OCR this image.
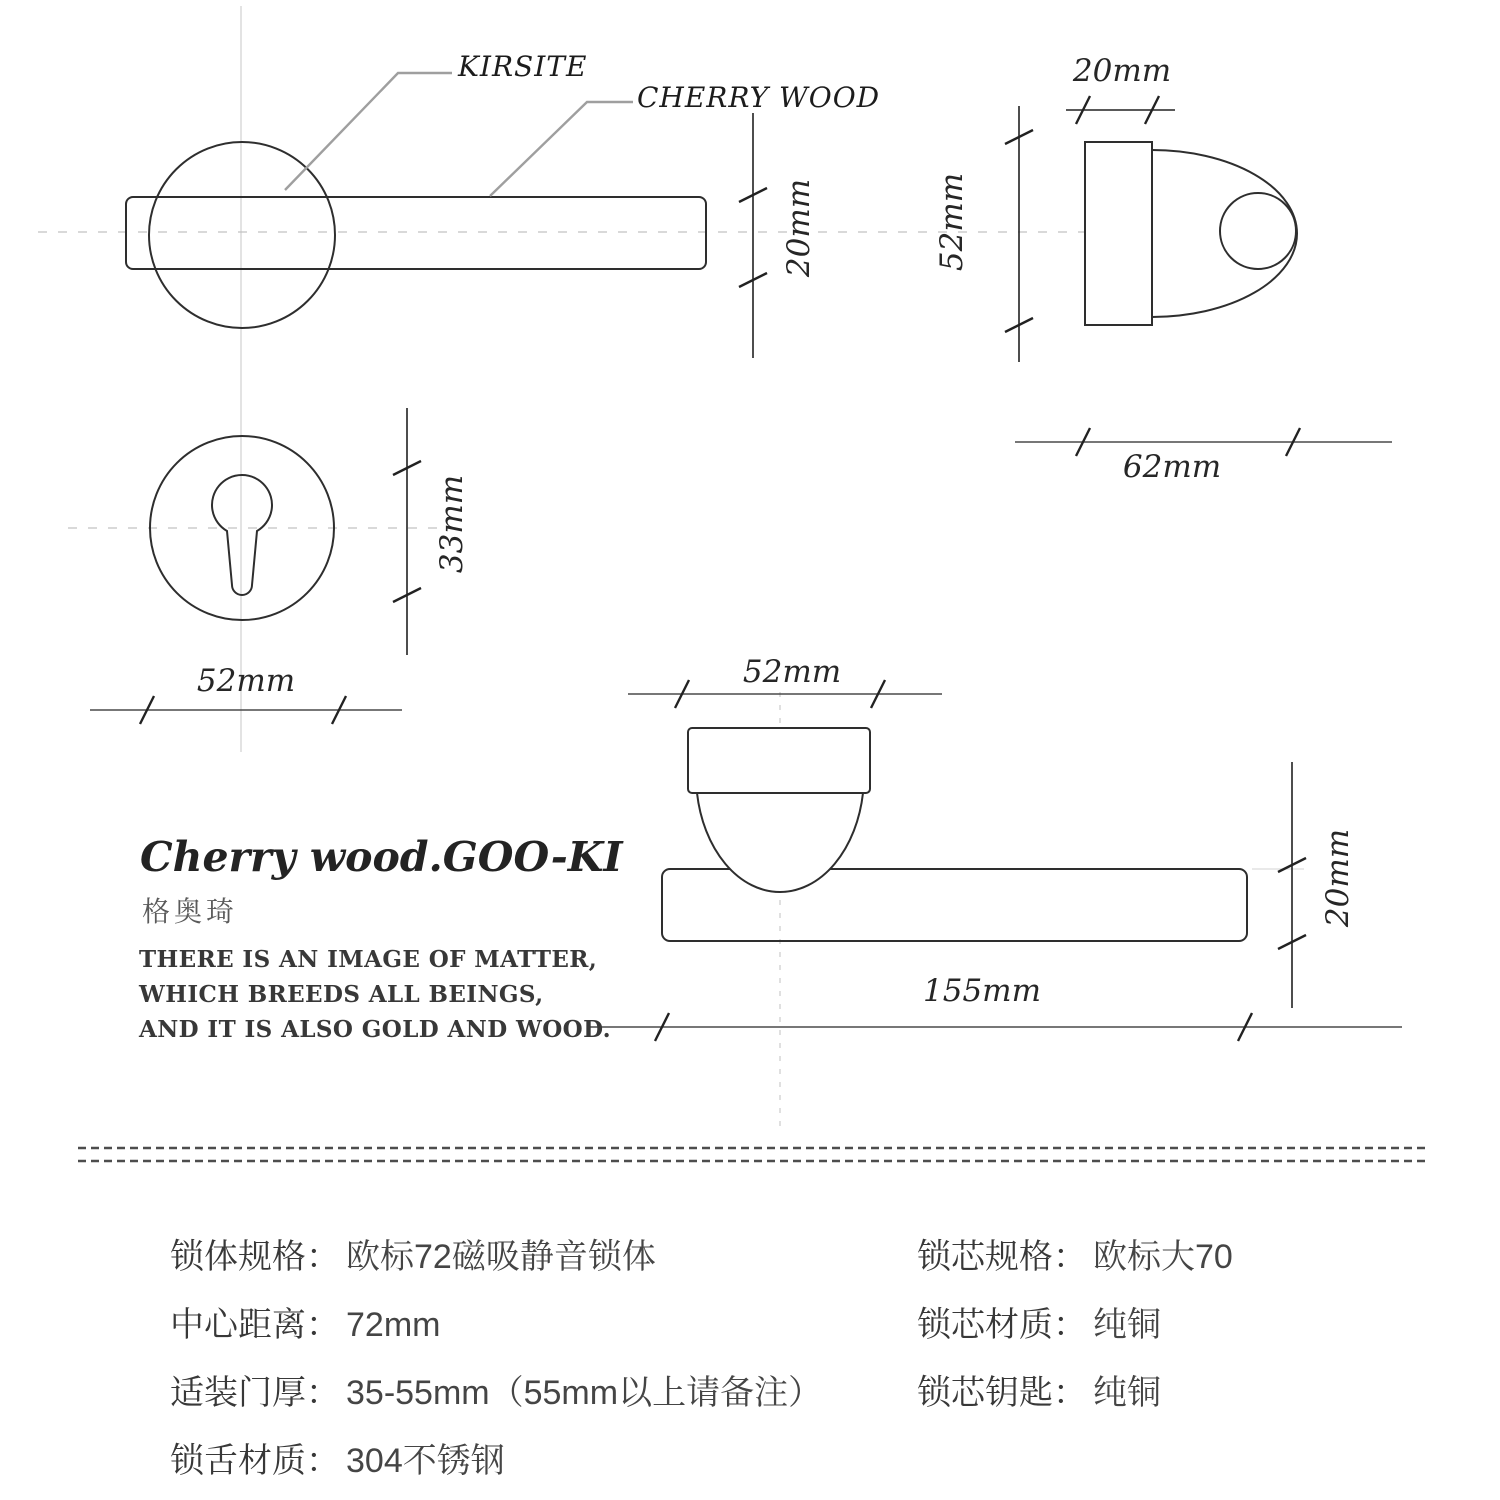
KIRSITE
CHERRY WOOD
20mm
20mm
52mm
62mm
33mm
52mm	52mm
20mm
155mm
Cherry wood.GOO-KI
格奥琦
THERE IS AN IMAGE OF MATTER,
WHICH BREEDS ALL BEINGS,
AND IT IS ALSO GOLD AND WOOD.
锁体规格： 欧标72磁吸静音锁体
中心距离： 72mm
适装门厚： 35-55mm（55mm以上请备注）
锁舌材质： 304不锈钢
锁芯规格： 欧标大70
锁芯材质： 纯铜
锁芯钥匙： 纯铜
